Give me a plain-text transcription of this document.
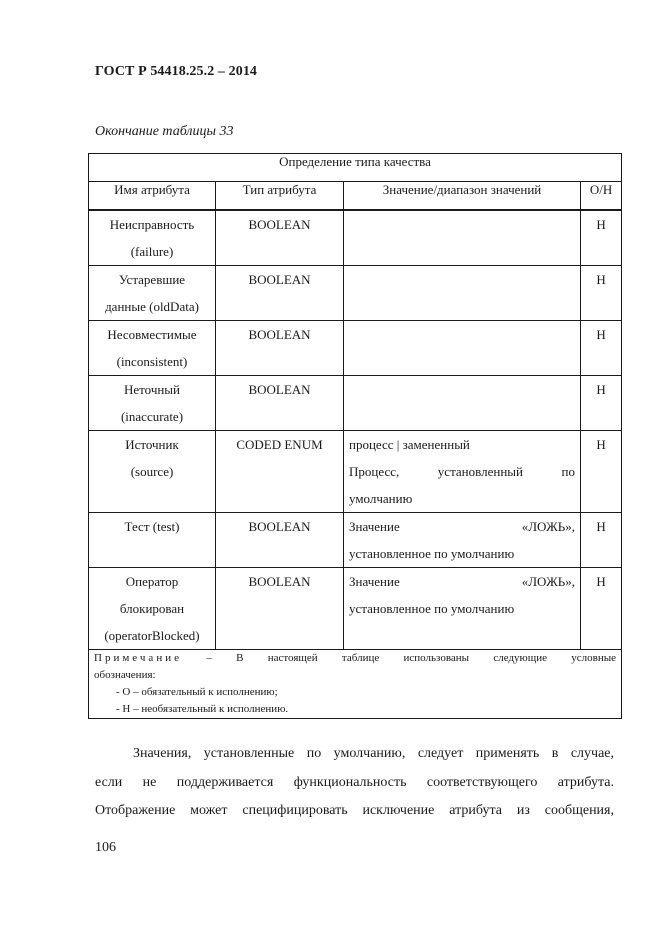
ГОСТ Р 54418.25.2 – 2014
Окончание таблицы 33
Определение типа качества			
Имя атрибута	Тип атрибута	Значение/диапазон значений	О/Н

Неисправность
(failure)	BOOLEAN		Н

Устаревшие
данные (oldData)	BOOLEAN		Н

Несовместимые
(inconsistent)	BOOLEAN		Н

Неточный
(inaccurate)	BOOLEAN		Н

Источник
(source)	CODED ENUM	процесс | замененный
Процесс, установленный по
умолчанию	Н

Тест (test)	BOOLEAN	Значение «ЛОЖЬ»,
установленное по умолчанию	Н

Оператор
блокирован
(operatorBlocked)	BOOLEAN	Значение «ЛОЖЬ»,
установленное по умолчанию	Н

Примечание – В настоящей таблице использованы следующие условные
обозначения:
- О – обязательный к исполнению;
- Н – необязательный к исполнению.			

Значения, установленные по умолчанию, следует применять в случае,
если не поддерживается функциональность соответствующего атрибута.
Отображение может специфицировать исключение атрибута из сообщения,

106
